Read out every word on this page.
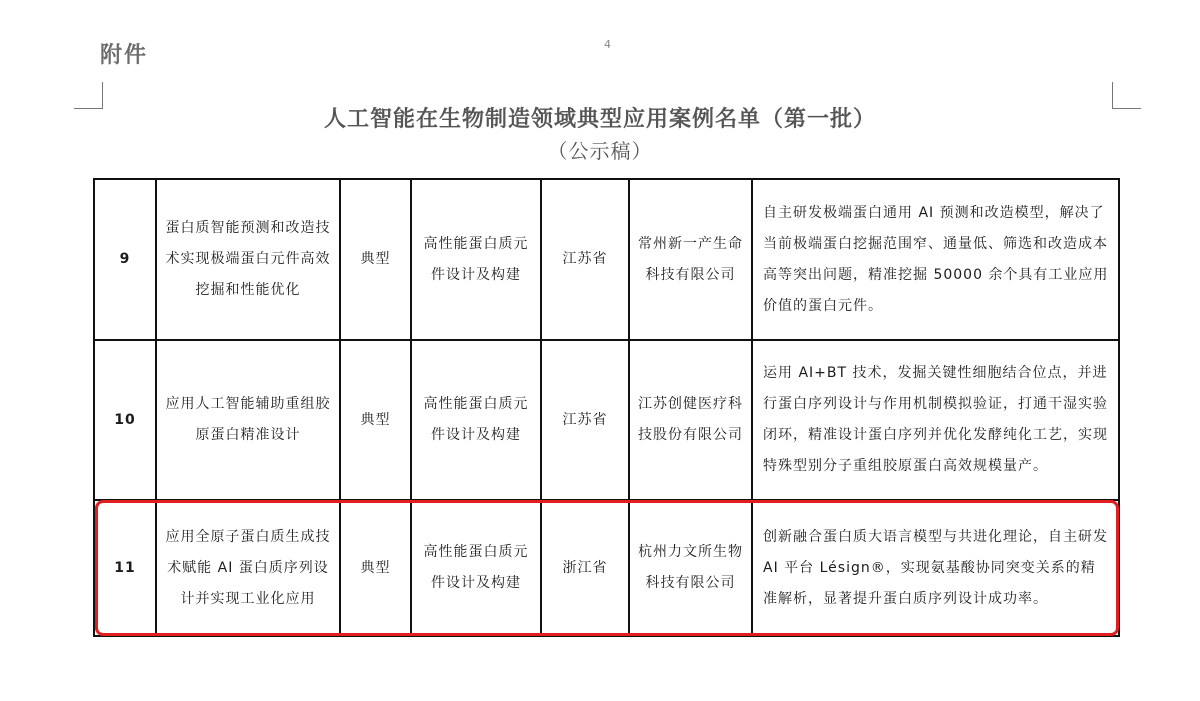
附件	4
人工智能在生物制造领域典型应用案例名单（第一批）
（公示稿）
9	蛋白质智能预测和改造技术实现极端蛋白元件高效挖掘和性能优化	典型	高性能蛋白质元件设计及构建	江苏省	常州新一产生命科技有限公司	自主研发极端蛋白通用 AI 预测和改造模型，解决了当前极端蛋白挖掘范围窄、通量低、筛选和改造成本高等突出问题，精准挖掘 50000 余个具有工业应用价值的蛋白元件。
10	应用人工智能辅助重组胶原蛋白精准设计	典型	高性能蛋白质元件设计及构建	江苏省	江苏创健医疗科技股份有限公司	运用 AI+BT 技术，发掘关键性细胞结合位点，并进行蛋白序列设计与作用机制模拟验证，打通干湿实验闭环，精准设计蛋白序列并优化发酵纯化工艺，实现特殊型别分子重组胶原蛋白高效规模量产。
11	应用全原子蛋白质生成技术赋能 AI 蛋白质序列设计并实现工业化应用	典型	高性能蛋白质元件设计及构建	浙江省	杭州力文所生物科技有限公司	创新融合蛋白质大语言模型与共进化理论，自主研发 AI 平台 Lésign®，实现氨基酸协同突变关系的精准解析，显著提升蛋白质序列设计成功率。
